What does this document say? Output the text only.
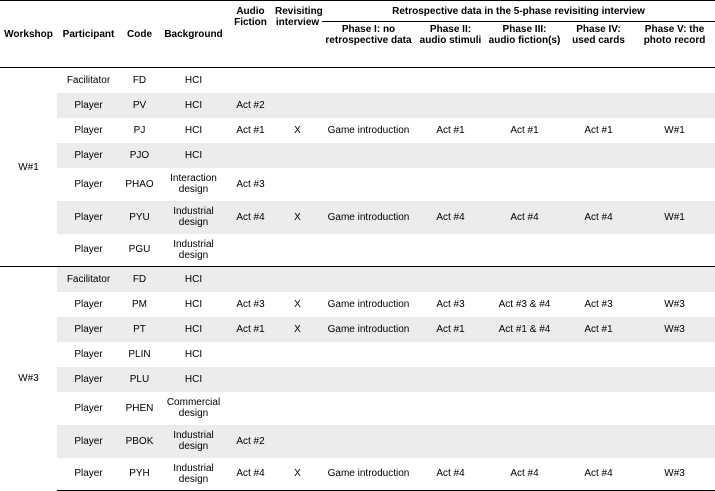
Workshop	Participant	Code	Background	Audio Fiction	Revisiting interview	Retrospective data in the 5-phase revisiting interview				
						Phase I: no retrospective data	Phase II: audio stimuli	Phase III: audio fiction(s)	Phase IV: used cards	Phase V: the photo record
W#1	Facilitator	FD	HCI							
	Player	PV	HCI	Act #2						
	Player	PJ	HCI	Act #1	X	Game introduction	Act #1	Act #1	Act #1	W#1
	Player	PJO	HCI							
	Player	PHAO	Interaction design	Act #3						
	Player	PYU	Industrial design	Act #4	X	Game introduction	Act #4	Act #4	Act #4	W#1
	Player	PGU	Industrial design							
W#3	Facilitator	FD	HCI							
	Player	PM	HCI	Act #3	X	Game introduction	Act #3	Act #3 & #4	Act #3	W#3
	Player	PT	HCI	Act #1	X	Game introduction	Act #1	Act #1 & #4	Act #1	W#3
	Player	PLIN	HCI							
	Player	PLU	HCI							
	Player	PHEN	Commercial design							
	Player	PBOK	Industrial design	Act #2						
	Player	PYH	Industrial design	Act #4	X	Game introduction	Act #4	Act #4	Act #4	W#3
